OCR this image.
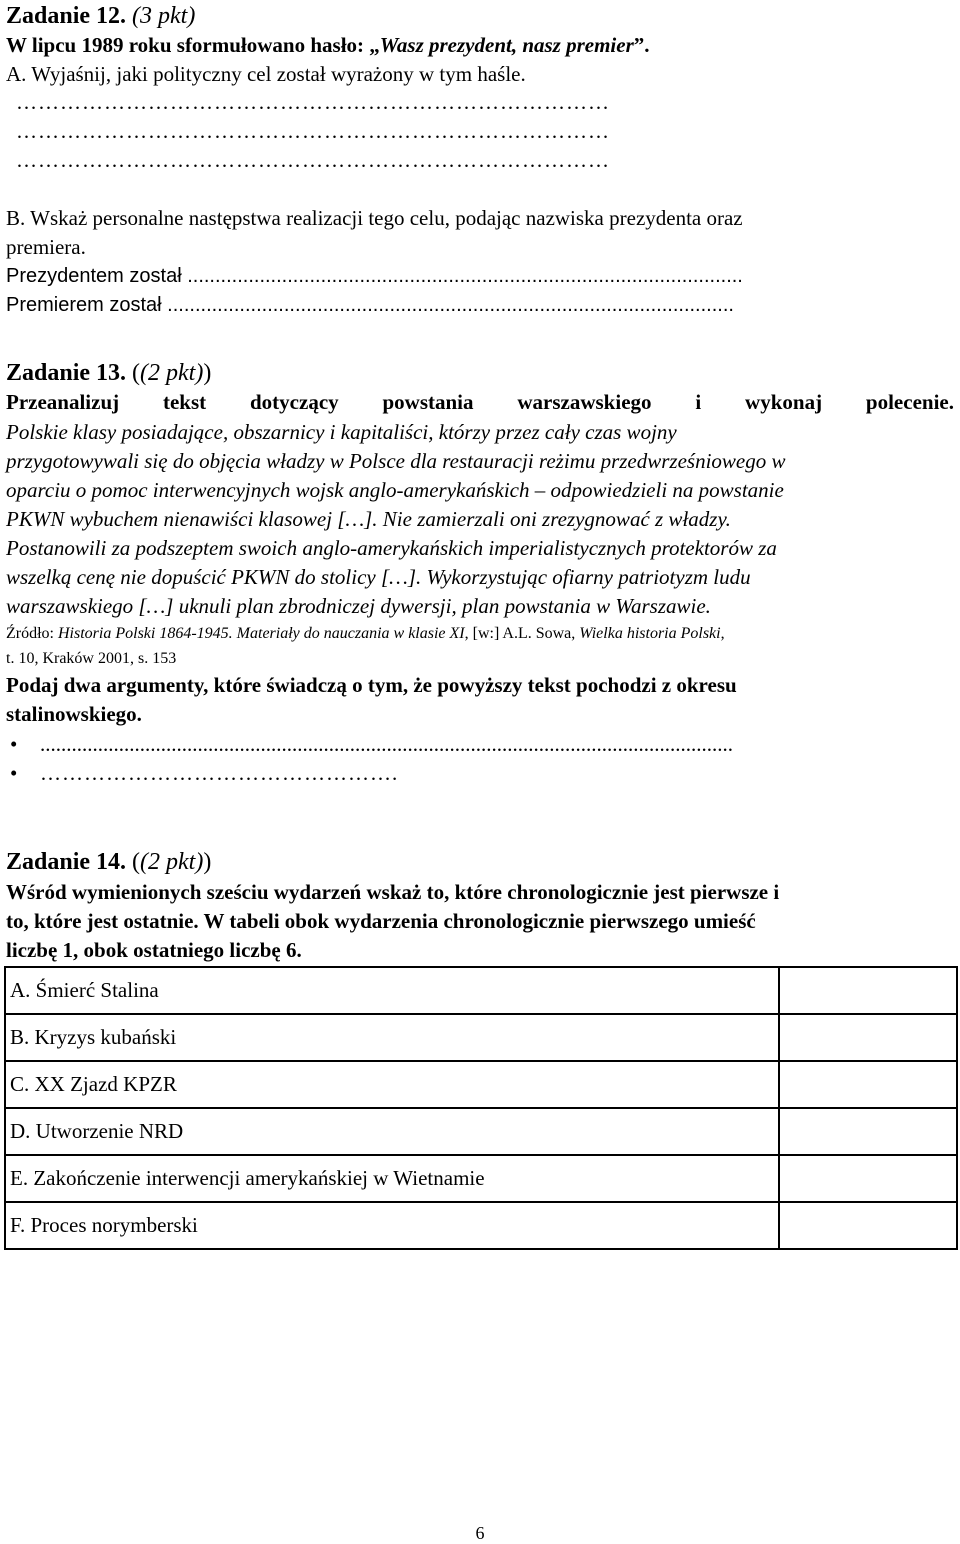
Zadanie 12. (3 pkt)
W lipcu 1989 roku sformułowano hasło: „Wasz prezydent, nasz premier”.
A. Wyjaśnij, jaki polityczny cel został wyrażony w tym haśle.
………………………………………………………………………
………………………………………………………………………
………………………………………………………………………
B. Wskaż personalne następstwa realizacji tego celu, podając nazwiska prezydenta oraz
premiera.
Prezydentem został ....................................................................................................
Premierem został ......................................................................................................
Zadanie 13. ((2 pkt))
Przeanalizuj tekst dotyczący powstania warszawskiego i wykonaj polecenie.
Polskie klasy posiadające, obszarnicy i kapitaliści, którzy przez cały czas wojny
przygotowywali się do objęcia władzy w Polsce dla restauracji reżimu przedwrześniowego w
oparciu o pomoc interwencyjnych wojsk anglo-amerykańskich – odpowiedzieli na powstanie
PKWN wybuchem nienawiści klasowej […]. Nie zamierzali oni zrezygnować z władzy.
Postanowili za podszeptem swoich anglo-amerykańskich imperialistycznych protektorów za
wszelką cenę nie dopuścić PKWN do stolicy […]. Wykorzystując ofiarny patriotyzm ludu
warszawskiego […] uknuli plan zbrodniczej dywersji, plan powstania w Warszawie.
Źródło: Historia Polski 1864-1945. Materiały do nauczania w klasie XI, [w:] A.L. Sowa, Wielka historia Polski,
t. 10, Kraków 2001, s. 153
Podaj dwa argumenty, które świadczą o tym, że powyższy tekst pochodzi z okresu
stalinowskiego.
• ....................................................................................................................................
• ………………………………………….
Zadanie 14. ((2 pkt))
Wśród wymienionych sześciu wydarzeń wskaż to, które chronologicznie jest pierwsze i
to, które jest ostatnie. W tabeli obok wydarzenia chronologicznie pierwszego umieść
liczbę 1, obok ostatniego liczbę 6.
A. Śmierć Stalina	
B. Kryzys kubański	
C. XX Zjazd KPZR	
D. Utworzenie NRD	
E. Zakończenie interwencji amerykańskiej w Wietnamie	
F. Proces norymberski	
6
